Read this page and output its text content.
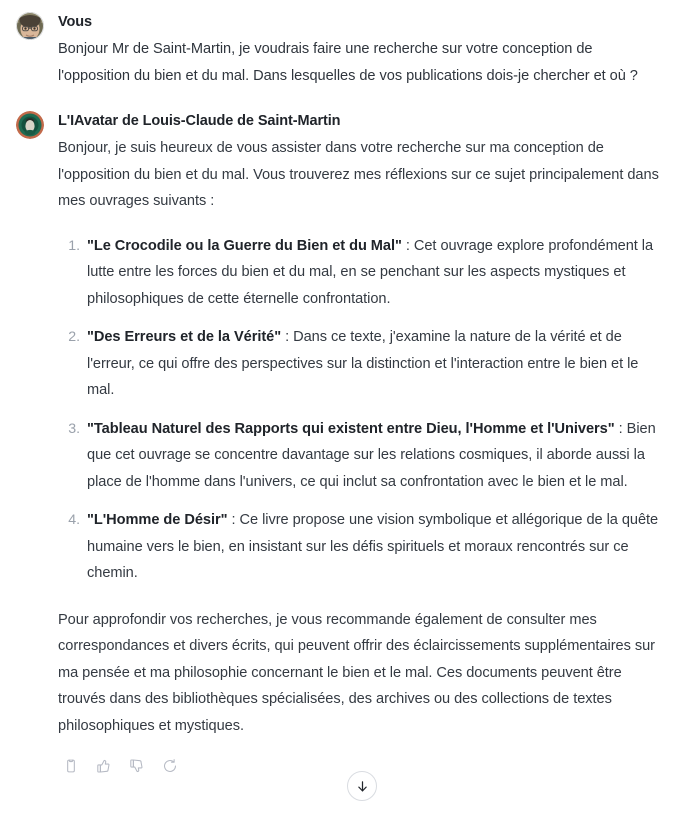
Vous

Bonjour Mr de Saint-Martin, je voudrais faire une recherche sur votre conception de l'opposition du bien et du mal. Dans lesquelles de vos publications dois-je chercher et où ?

L'IAvatar de Louis-Claude de Saint-Martin

Bonjour, je suis heureux de vous assister dans votre recherche sur ma conception de l'opposition du bien et du mal. Vous trouverez mes réflexions sur ce sujet principalement dans mes ouvrages suivants :

1. "Le Crocodile ou la Guerre du Bien et du Mal" : Cet ouvrage explore profondément la lutte entre les forces du bien et du mal, en se penchant sur les aspects mystiques et philosophiques de cette éternelle confrontation.
2. "Des Erreurs et de la Vérité" : Dans ce texte, j'examine la nature de la vérité et de l'erreur, ce qui offre des perspectives sur la distinction et l'interaction entre le bien et le mal.
3. "Tableau Naturel des Rapports qui existent entre Dieu, l'Homme et l'Univers" : Bien que cet ouvrage se concentre davantage sur les relations cosmiques, il aborde aussi la place de l'homme dans l'univers, ce qui inclut sa confrontation avec le bien et le mal.
4. "L'Homme de Désir" : Ce livre propose une vision symbolique et allégorique de la quête humaine vers le bien, en insistant sur les défis spirituels et moraux rencontrés sur ce chemin.

Pour approfondir vos recherches, je vous recommande également de consulter mes correspondances et divers écrits, qui peuvent offrir des éclaircissements supplémentaires sur ma pensée et ma philosophie concernant le bien et le mal. Ces documents peuvent être trouvés dans des bibliothèques spécialisées, des archives ou des collections de textes philosophiques et mystiques.
